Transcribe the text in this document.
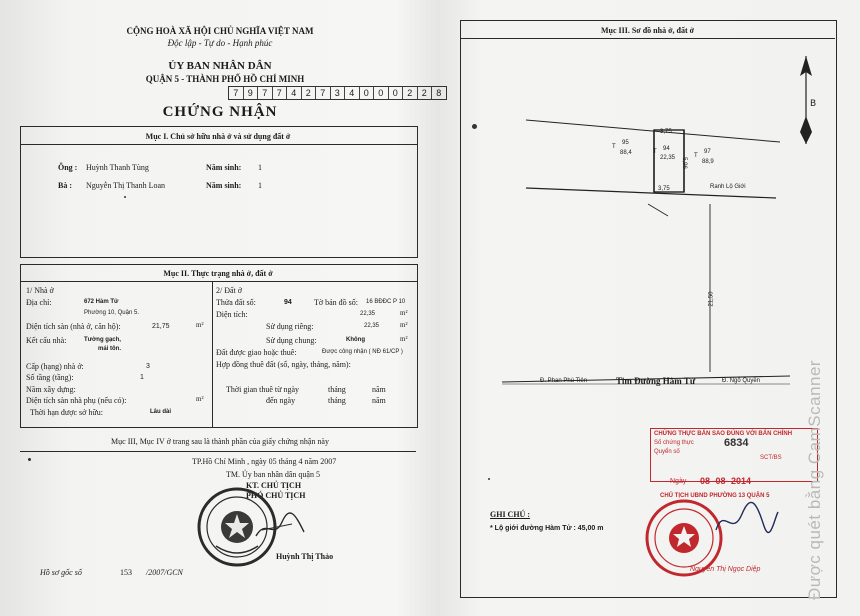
CỘNG HOÀ XÃ HỘI CHỦ NGHĨA VIỆT NAM
Độc lập - Tự do - Hạnh phúc
ỦY BAN NHÂN DÂN
QUẬN 5 - THÀNH PHỐ HỒ CHÍ MINH
7	9	7	7	4	2	7	3	4	0	0	0	2	2	8
CHỨNG NHẬN
Mục I. Chủ sở hữu nhà ở và sử dụng đất ở
Ông : Huỳnh Thanh Tùng	Năm sinh: 1
Bà : Nguyễn Thị Thanh Loan	Năm sinh: 1
Mục II. Thực trạng nhà ở, đất ở
1/ Nhà ở
Địa chỉ:	672 Hàm Tử
Phường 10, Quận 5.
Diện tích sàn (nhà ở, căn hộ):	21,75	m²
Kết cấu nhà:	Tường gạch,
mái tôn.
Cấp (hạng) nhà ở:	3
Số tầng (tầng):	1
Năm xây dựng:
Diện tích sàn nhà phụ (nếu có):	m²
Thời hạn được sở hữu:	Lâu dài
2/ Đất ở
Thửa đất số:	94	Tờ bản đồ số: 16 BĐĐC P 10
Diện tích:	22,35	m²
Sử dụng riêng:	22,35	m²
Sử dụng chung:	Không	m²
Đất được giao hoặc thuê:	Được công nhận ( NĐ 61/CP )
Hợp đồng thuê đất (số, ngày, tháng, năm):
Thời gian thuê từ ngày	tháng	năm
đến ngày	tháng	năm
Mục III, Mục IV ở trang sau là thành phần của giấy chứng nhận này
TP.Hồ Chí Minh , ngày 05 tháng 4 năm 2007
TM. Ủy ban nhân dân quận 5
KT. CHỦ TỊCH
PHÓ CHỦ TỊCH
Huỳnh Thị Thảo
Hồ sơ gốc số	153 /2007/GCN
Mục III. Sơ đồ nhà ở, đất ở
B
3,75
3,75
5,96
94
22,35
T
95
88,4
T
97
88,9
T
Ranh Lộ Giới
21,50
Tim Đường Hàm Tử
Đ. Phan Phú Tiên	Đ. Ngô Quyền
GHI CHÚ :
* Lộ giới đường Hàm Tử : 45,00 m
CHỨNG THỰC BẢN SAO ĐÚNG VỚI BẢN CHÍNH
Số chứng thực
Quyển số
6834
SCT/BS
Ngày 08 -08- 2014
CHỦ TỊCH UBND PHƯỜNG 13 QUẬN 5
Nguyễn Thị Ngọc Diệp	Được quét bằng CamScanner
